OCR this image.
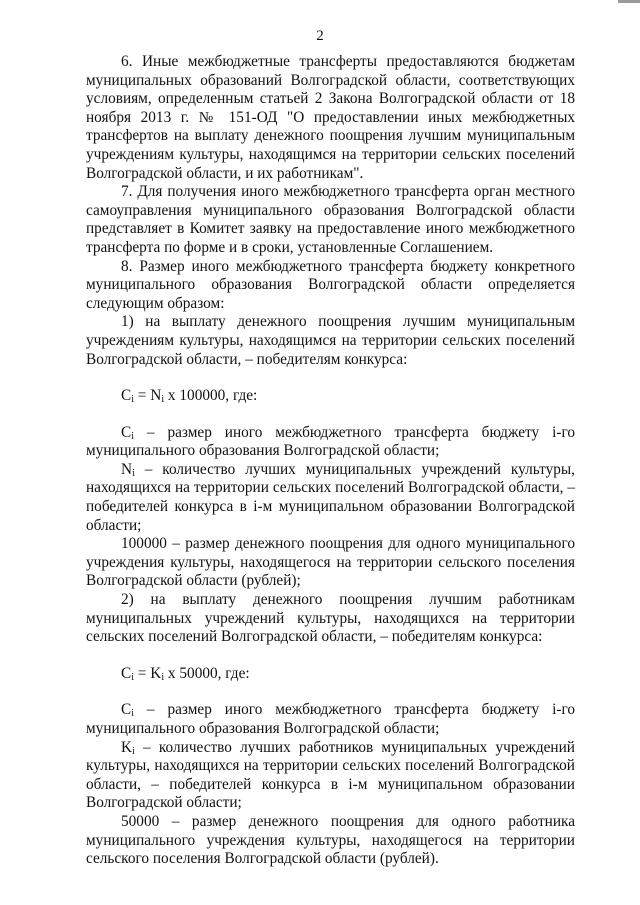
2

6. Иные межбюджетные трансферты предоставляются бюджетам муниципальных образований Волгоградской области, соответствующих условиям, определенным статьей 2 Закона Волгоградской области от 18 ноября 2013 г. № 151-ОД "О предоставлении иных межбюджетных трансфертов на выплату денежного поощрения лучшим муниципальным учреждениям культуры, находящимся на территории сельских поселений Волгоградской области, и их работникам".

7. Для получения иного межбюджетного трансферта орган местного самоуправления муниципального образования Волгоградской области представляет в Комитет заявку на предоставление иного межбюджетного трансферта по форме и в сроки, установленные Соглашением.

8. Размер иного межбюджетного трансферта бюджету конкретного муниципального образования Волгоградской области определяется следующим образом:

1) на выплату денежного поощрения лучшим муниципальным учреждениям культуры, находящимся на территории сельских поселений Волгоградской области, – победителям конкурса:

$C_i = N_i$ x 100000, где:

$C_i$ – размер иного межбюджетного трансферта бюджету i-го муниципального образования Волгоградской области;

$N_i$ – количество лучших муниципальных учреждений культуры, находящихся на территории сельских поселений Волгоградской области, – победителей конкурса в i-м муниципальном образовании Волгоградской области;

100000 – размер денежного поощрения для одного муниципального учреждения культуры, находящегося на территории сельского поселения Волгоградской области (рублей);

2) на выплату денежного поощрения лучшим работникам муниципальных учреждений культуры, находящихся на территории сельских поселений Волгоградской области, – победителям конкурса:

$C_i = K_i$ x 50000, где:

$C_i$ – размер иного межбюджетного трансферта бюджету i-го муниципального образования Волгоградской области;

$K_i$ – количество лучших работников муниципальных учреждений культуры, находящихся на территории сельских поселений Волгоградской области, – победителей конкурса в i-м муниципальном образовании Волгоградской области;

50000 – размер денежного поощрения для одного работника муниципального учреждения культуры, находящегося на территории сельского поселения Волгоградской области (рублей).
